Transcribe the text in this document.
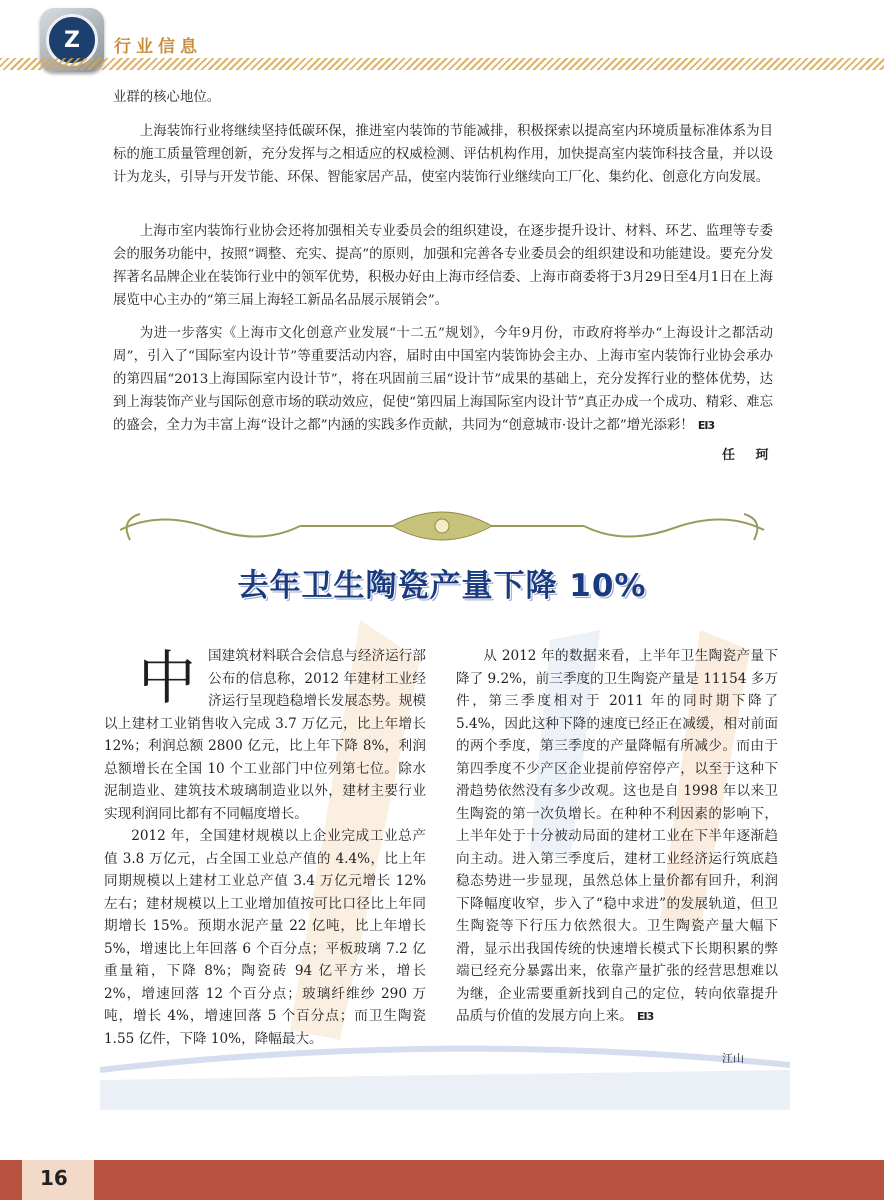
Z	行业信息

业群的核心地位。

上海装饰行业将继续坚持低碳环保，推进室内装饰的节能减排，积极探索以提高室内环境质量标准体系为目标的施工质量管理创新，充分发挥与之相适应的权威检测、评估机构作用，加快提高室内装饰科技含量，并以设计为龙头，引导与开发节能、环保、智能家居产品，使室内装饰行业继续向工厂化、集约化、创意化方向发展。

上海市室内装饰行业协会还将加强相关专业委员会的组织建设，在逐步提升设计、材料、环艺、监理等专委会的服务功能中，按照“调整、充实、提高”的原则，加强和完善各专业委员会的组织建设和功能建设。要充分发挥著名品牌企业在装饰行业中的领军优势，积极办好由上海市经信委、上海市商委将于3月29日至4月1日在上海展览中心主办的“第三届上海轻工新品名品展示展销会”。

为进一步落实《上海市文化创意产业发展“十二五”规划》，今年9月份，市政府将举办“上海设计之都活动周”，引入了“国际室内设计节”等重要活动内容，届时由中国室内装饰协会主办、上海市室内装饰行业协会承办的第四届“2013上海国际室内设计节”，将在巩固前三届“设计节”成果的基础上，充分发挥行业的整体优势，达到上海装饰产业与国际创意市场的联动效应，促使“第四届上海国际室内设计节”真正办成一个成功、精彩、难忘的盛会，全力为丰富上海“设计之都”内涵的实践多作贡献，共同为“创意城市·设计之都”增光添彩！ EI3

任 珂
去年卫生陶瓷产量下降 10%

中国建筑材料联合会信息与经济运行部公布的信息称，2012 年建材工业经济运行呈现趋稳增长发展态势。规模以上建材工业销售收入完成 3.7 万亿元，比上年增长 12%；利润总额 2800 亿元，比上年下降 8%，利润总额增长在全国 10 个工业部门中位列第七位。除水泥制造业、建筑技术玻璃制造业以外，建材主要行业实现利润同比都有不同幅度增长。

2012 年，全国建材规模以上企业完成工业总产值 3.8 万亿元，占全国工业总产值的 4.4%，比上年同期规模以上建材工业总产值 3.4 万亿元增长 12% 左右；建材规模以上工业增加值按可比口径比上年同期增长 15%。预期水泥产量 22 亿吨，比上年增长 5%，增速比上年回落 6 个百分点；平板玻璃 7.2 亿重量箱，下降 8%；陶瓷砖 94 亿平方米，增长 2%，增速回落 12 个百分点；玻璃纤维纱 290 万吨，增长 4%，增速回落 5 个百分点；而卫生陶瓷 1.55 亿件，下降 10%，降幅最大。

从 2012 年的数据来看，上半年卫生陶瓷产量下降了 9.2%，前三季度的卫生陶瓷产量是 11154 多万件，第三季度相对于 2011 年的同时期下降了 5.4%，因此这种下降的速度已经正在减缓，相对前面的两个季度，第三季度的产量降幅有所减少。而由于第四季度不少产区企业提前停窑停产，以至于这种下滑趋势依然没有多少改观。这也是自 1998 年以来卫生陶瓷的第一次负增长。在种种不利因素的影响下，上半年处于十分被动局面的建材工业在下半年逐渐趋向主动。进入第三季度后，建材工业经济运行筑底趋稳态势进一步显现，虽然总体上量价都有回升，利润下降幅度收窄，步入了“稳中求进”的发展轨道，但卫生陶瓷等下行压力依然很大。卫生陶瓷产量大幅下滑，显示出我国传统的快速增长模式下长期积累的弊端已经充分暴露出来，依靠产量扩张的经营思想难以为继，企业需要重新找到自己的定位，转向依靠提升品质与价值的发展方向上来。 EI3

江山
16
